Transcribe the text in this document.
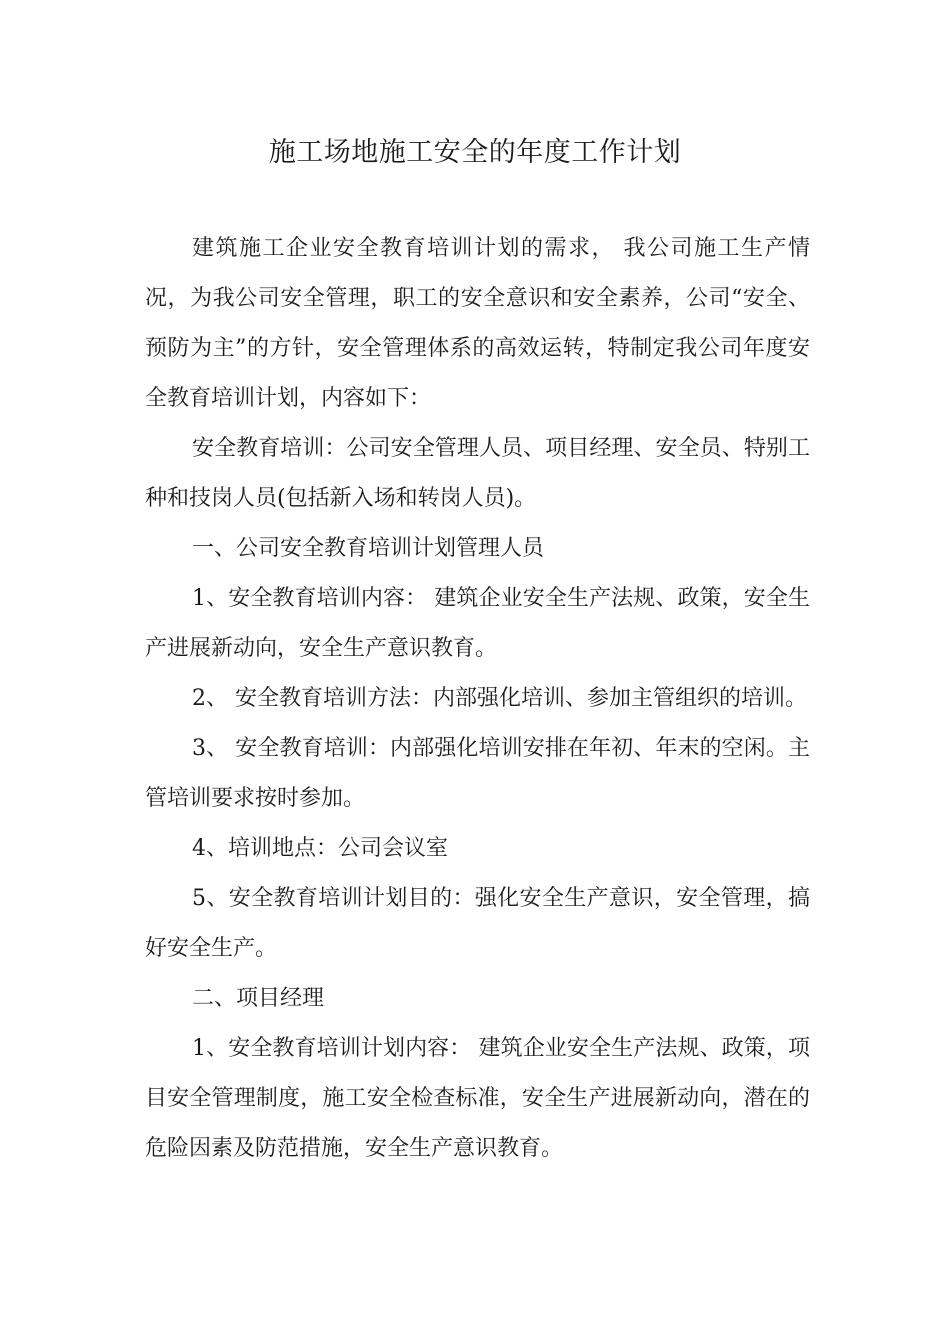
施工场地施工安全的年度工作计划

建筑施工企业安全教育培训计划的需求， 我公司施工生产情况，为我公司安全管理，职工的安全意识和安全素养，公司“安全、预防为主”的方针，安全管理体系的高效运转，特制定我公司年度安全教育培训计划，内容如下：

安全教育培训：公司安全管理人员、项目经理、安全员、特别工种和技岗人员(包括新入场和转岗人员)。

一、公司安全教育培训计划管理人员

1、安全教育培训内容： 建筑企业安全生产法规、政策，安全生产进展新动向，安全生产意识教育。

2、 安全教育培训方法：内部强化培训、参加主管组织的培训。

3、 安全教育培训：内部强化培训安排在年初、年末的空闲。主管培训要求按时参加。

4、培训地点：公司会议室

5、安全教育培训计划目的：强化安全生产意识，安全管理，搞好安全生产。

二、项目经理

1、安全教育培训计划内容： 建筑企业安全生产法规、政策，项目安全管理制度，施工安全检查标准，安全生产进展新动向，潜在的危险因素及防范措施，安全生产意识教育。
